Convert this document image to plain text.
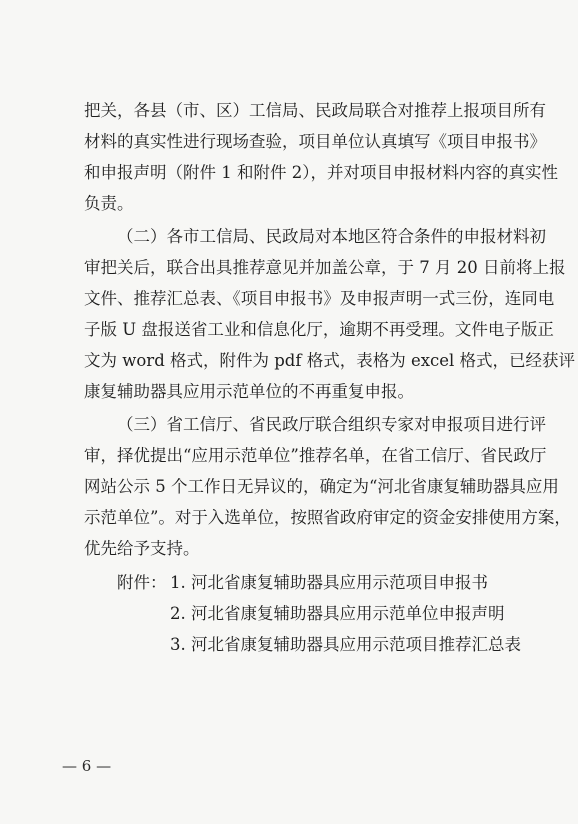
把关，各县（市、区）工信局、民政局联合对推荐上报项目所有
材料的真实性进行现场查验，项目单位认真填写《项目申报书》
和申报声明（附件 1 和附件 2），并对项目申报材料内容的真实性
负责。
（二）各市工信局、民政局对本地区符合条件的申报材料初
审把关后，联合出具推荐意见并加盖公章，于 7 月 20 日前将上报
文件、推荐汇总表、《项目申报书》及申报声明一式三份，连同电
子版 U 盘报送省工业和信息化厅，逾期不再受理。文件电子版正
文为 word 格式，附件为 pdf 格式，表格为 excel 格式，已经获评
康复辅助器具应用示范单位的不再重复申报。
（三）省工信厅、省民政厅联合组织专家对申报项目进行评
审，择优提出“应用示范单位”推荐名单，在省工信厅、省民政厅
网站公示 5 个工作日无异议的，确定为“河北省康复辅助器具应用
示范单位”。对于入选单位，按照省政府审定的资金安排使用方案，
优先给予支持。
附件： 1. 河北省康复辅助器具应用示范项目申报书
2. 河北省康复辅助器具应用示范单位申报声明
3. 河北省康复辅助器具应用示范项目推荐汇总表
— 6 —
